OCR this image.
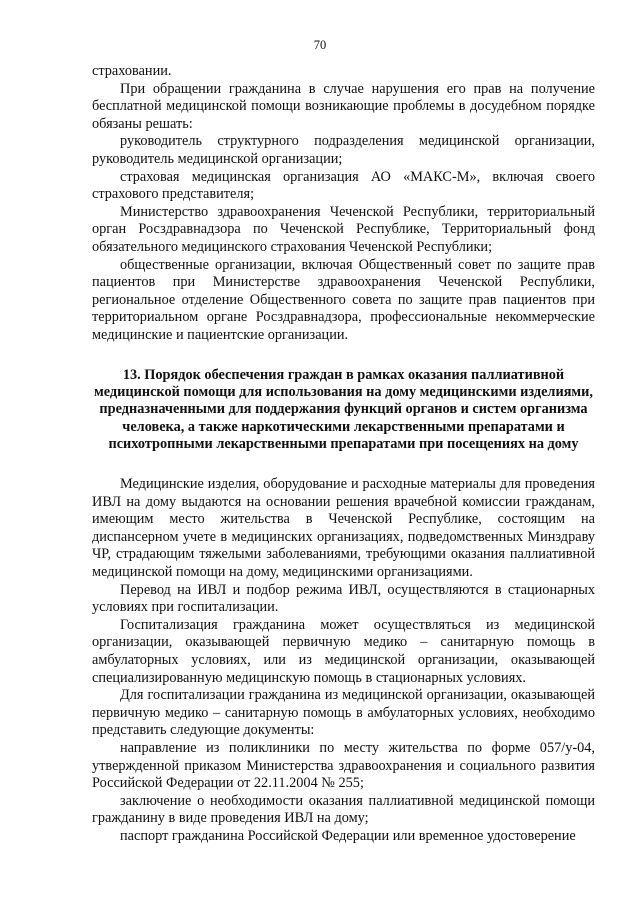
70

страховании.

При обращении гражданина в случае нарушения его прав на получение бесплатной медицинской помощи возникающие проблемы в досудебном порядке обязаны решать:

руководитель структурного подразделения медицинской организации, руководитель медицинской организации;

страховая медицинская организация АО «МАКС-М», включая своего страхового представителя;

Министерство здравоохранения Чеченской Республики, территориальный орган Росздравнадзора по Чеченской Республике, Территориальный фонд обязательного медицинского страхования Чеченской Республики;

общественные организации, включая Общественный совет по защите прав пациентов при Министерстве здравоохранения Чеченской Республики, региональное отделение Общественного совета по защите прав пациентов при территориальном органе Росздравнадзора, профессиональные некоммерческие медицинские и пациентские организации.

13. Порядок обеспечения граждан в рамках оказания паллиативной медицинской помощи для использования на дому медицинскими изделиями, предназначенными для поддержания функций органов и систем организма человека, а также наркотическими лекарственными препаратами и психотропными лекарственными препаратами при посещениях на дому

Медицинские изделия, оборудование и расходные материалы для проведения ИВЛ на дому выдаются на основании решения врачебной комиссии гражданам, имеющим место жительства в Чеченской Республике, состоящим на диспансерном учете в медицинских организациях, подведомственных Минздраву ЧР, страдающим тяжелыми заболеваниями, требующими оказания паллиативной медицинской помощи на дому, медицинскими организациями.

Перевод на ИВЛ и подбор режима ИВЛ, осуществляются в стационарных условиях при госпитализации.

Госпитализация гражданина может осуществляться из медицинской организации, оказывающей первичную медико – санитарную помощь в амбулаторных условиях, или из медицинской организации, оказывающей специализированную медицинскую помощь в стационарных условиях.

Для госпитализации гражданина из медицинской организации, оказывающей первичную медико – санитарную помощь в амбулаторных условиях, необходимо представить следующие документы:

направление из поликлиники по месту жительства по форме 057/у-04, утвержденной приказом Министерства здравоохранения и социального развития Российской Федерации от 22.11.2004 № 255;

заключение о необходимости оказания паллиативной медицинской помощи гражданину в виде проведения ИВЛ на дому;

паспорт гражданина Российской Федерации или временное удостоверение
